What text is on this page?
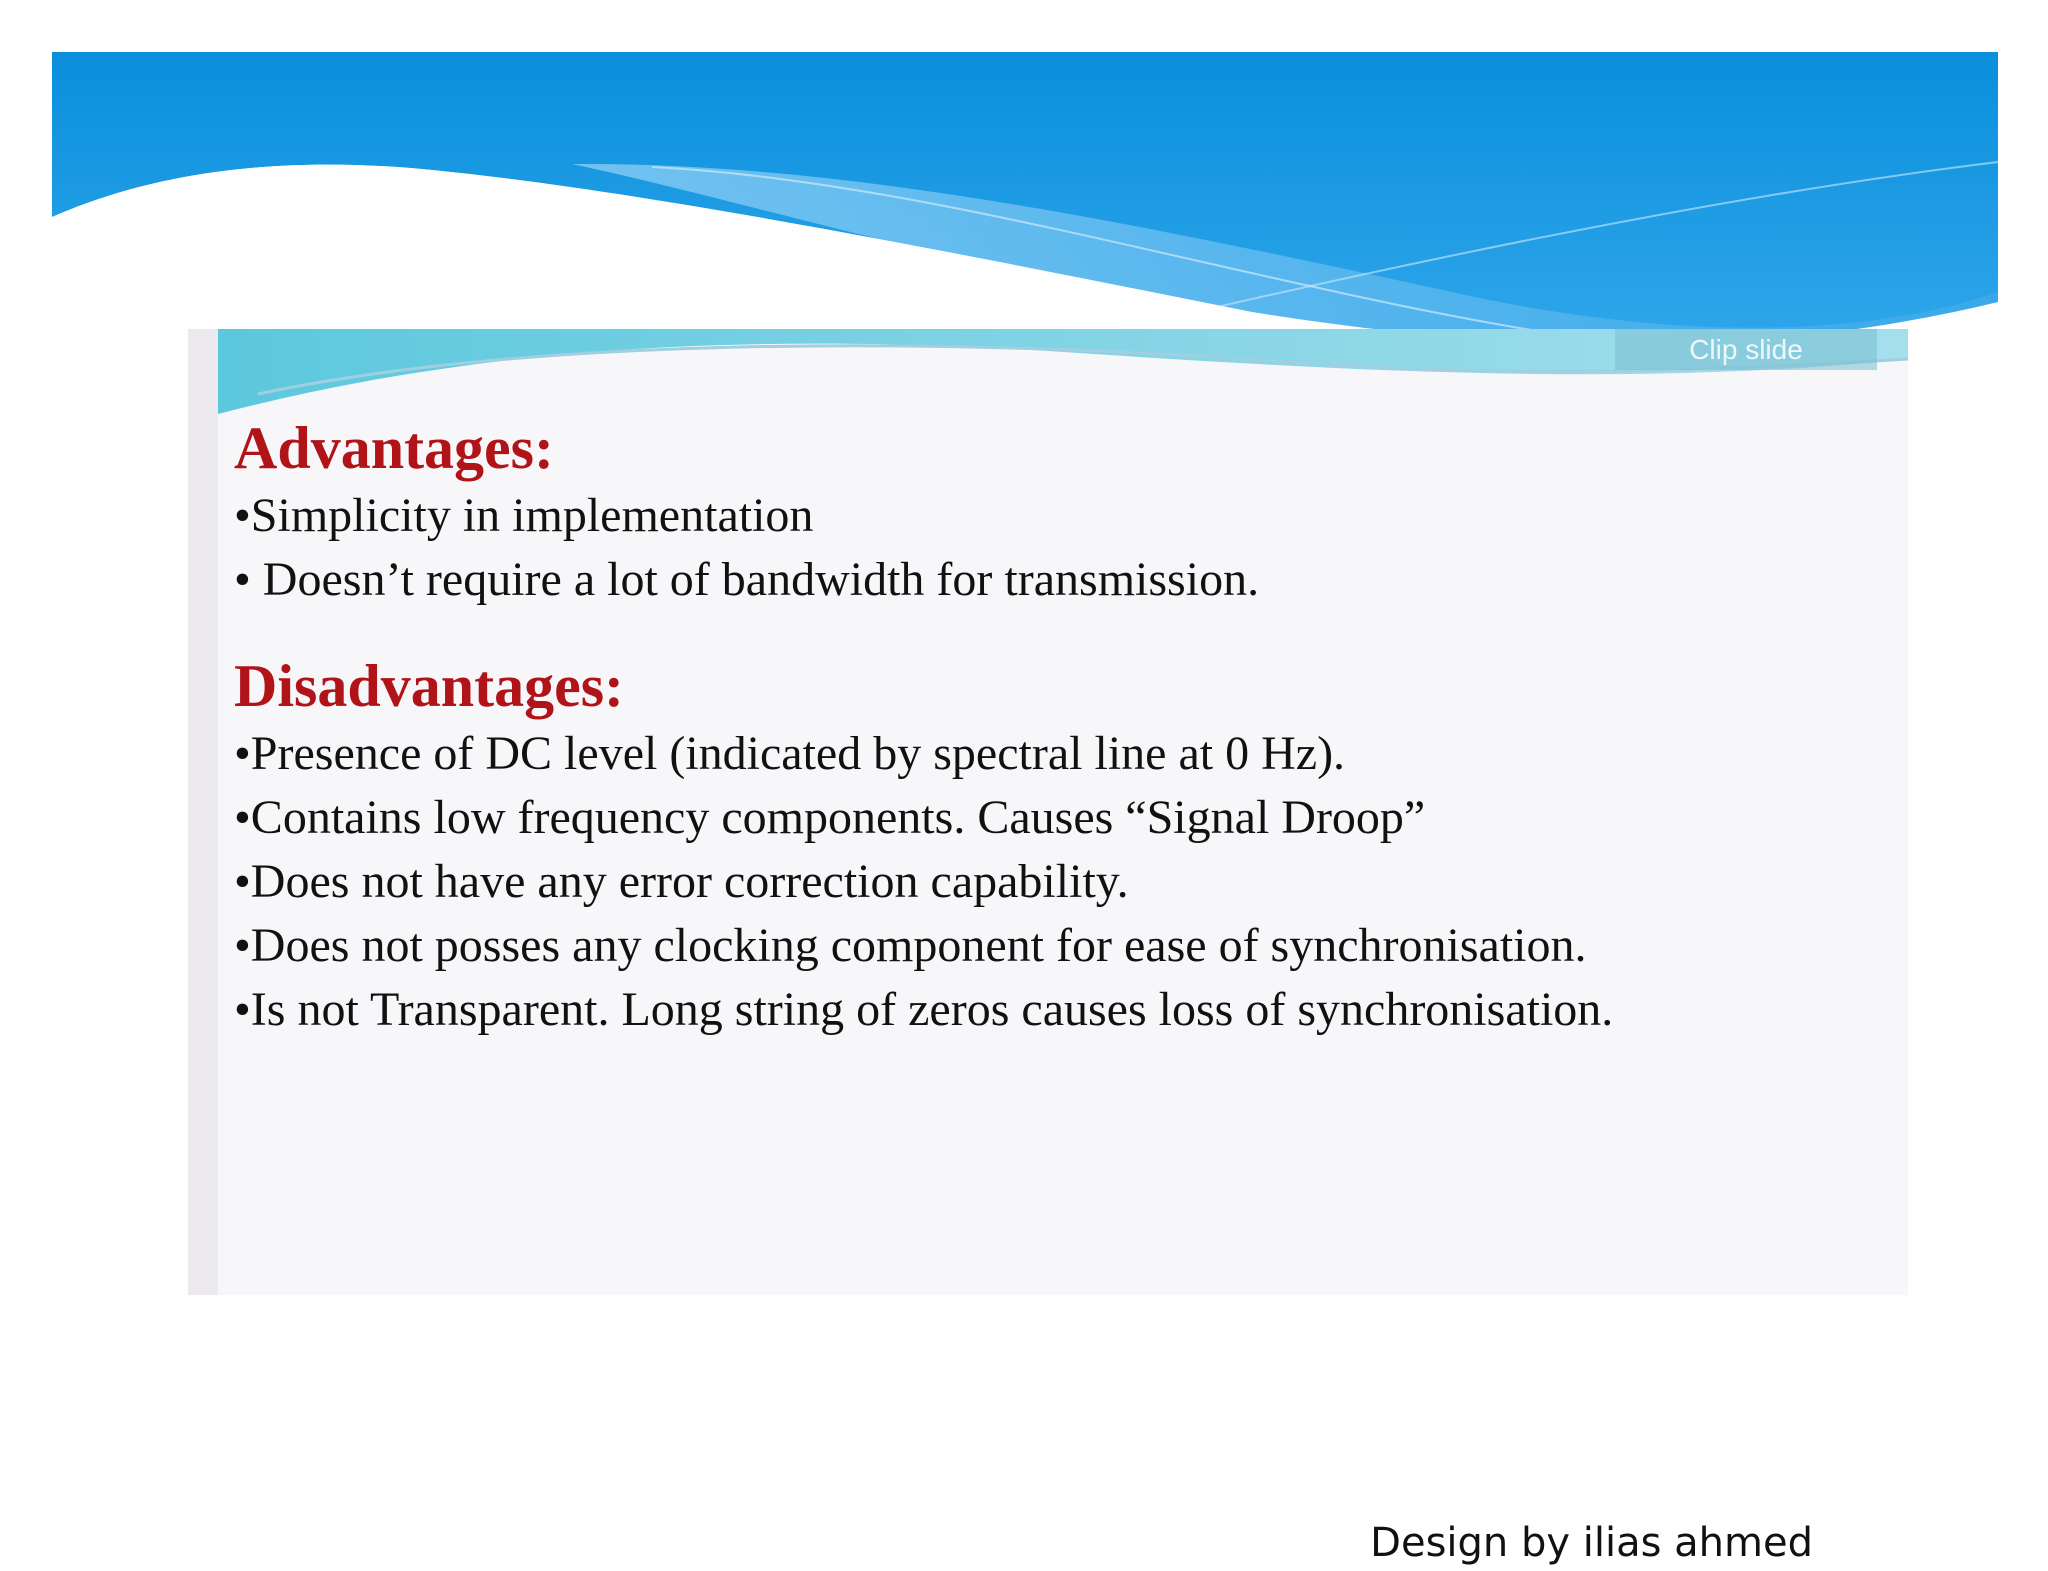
Clip slide

Advantages:

•Simplicity in implementation

• Doesn’t require a lot of bandwidth for transmission.

Disadvantages:

•Presence of DC level (indicated by spectral line at 0 Hz).

•Contains low frequency components. Causes “Signal Droop”

•Does not have any error correction capability.

•Does not posses any clocking component for ease of synchronisation.

•Is not Transparent. Long string of zeros causes loss of synchronisation.

Design by ilias ahmed
